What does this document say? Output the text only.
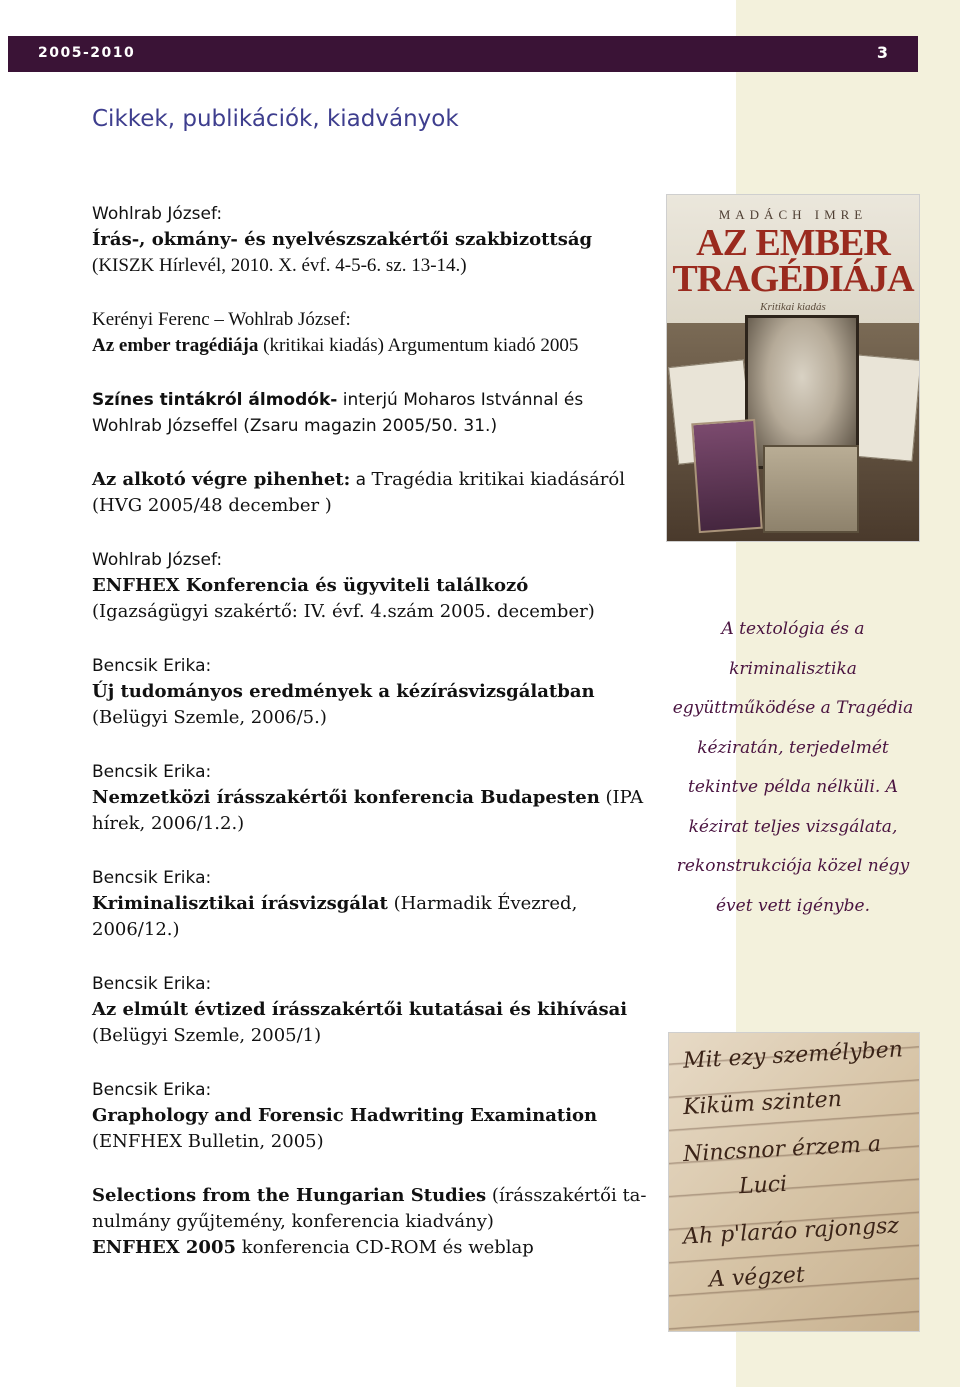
2005-2010	3
Cikkek, publikációk, kiadványok
Wohlrab József:
Írás-, okmány- és nyelvészszakértői szakbizottság
(KISZK Hírlevél, 2010. X. évf. 4-5-6. sz. 13-14.)
Kerényi Ferenc – Wohlrab József:
Az ember tragédiája (kritikai kiadás) Argumentum kiadó 2005
Színes tintákról álmodók- interjú Moharos Istvánnal és Wohlrab Józseffel (Zsaru magazin 2005/50. 31.)
Az alkotó végre pihenhet: a Tragédia kritikai kiadásáról (HVG 2005/48 december )
Wohlrab József:
ENFHEX Konferencia és ügyviteli találkozó
(Igazságügyi szakértő: IV. évf. 4.szám 2005. december)
Bencsik Erika:
Új tudományos eredmények a kézírásvizsgálatban
(Belügyi Szemle, 2006/5.)
Bencsik Erika:
Nemzetközi írásszakértői konferencia Budapesten (IPA hírek, 2006/1.2.)
Bencsik Erika:
Kriminalisztikai írásvizsgálat (Harmadik Évezred, 2006/12.)
Bencsik Erika:
Az elmúlt évtized írásszakértői kutatásai és kihívásai
(Belügyi Szemle, 2005/1)
Bencsik Erika:
Graphology and Forensic Hadwriting Examination
(ENFHEX Bulletin, 2005)
Selections from the Hungarian Studies (írásszakértői ta-nulmány gyűjtemény, konferencia kiadvány)
ENFHEX 2005 konferencia CD-ROM és weblap
MADÁCH IMRE
AZ EMBER
TRAGÉDIÁJA
Kritikai kiadás
A textológia és a kriminalisztika együttműködése a Tragédia kéziratán, terjedelmét tekintve példa nélküli. A kézirat teljes vizsgálata, rekonstrukciója közel négy évet vett igénybe.
Mit ezy személyben
Kiküm szinten
Nincsnor érzem a
Luci
Ah p'laráo rajongsz
A végzet
